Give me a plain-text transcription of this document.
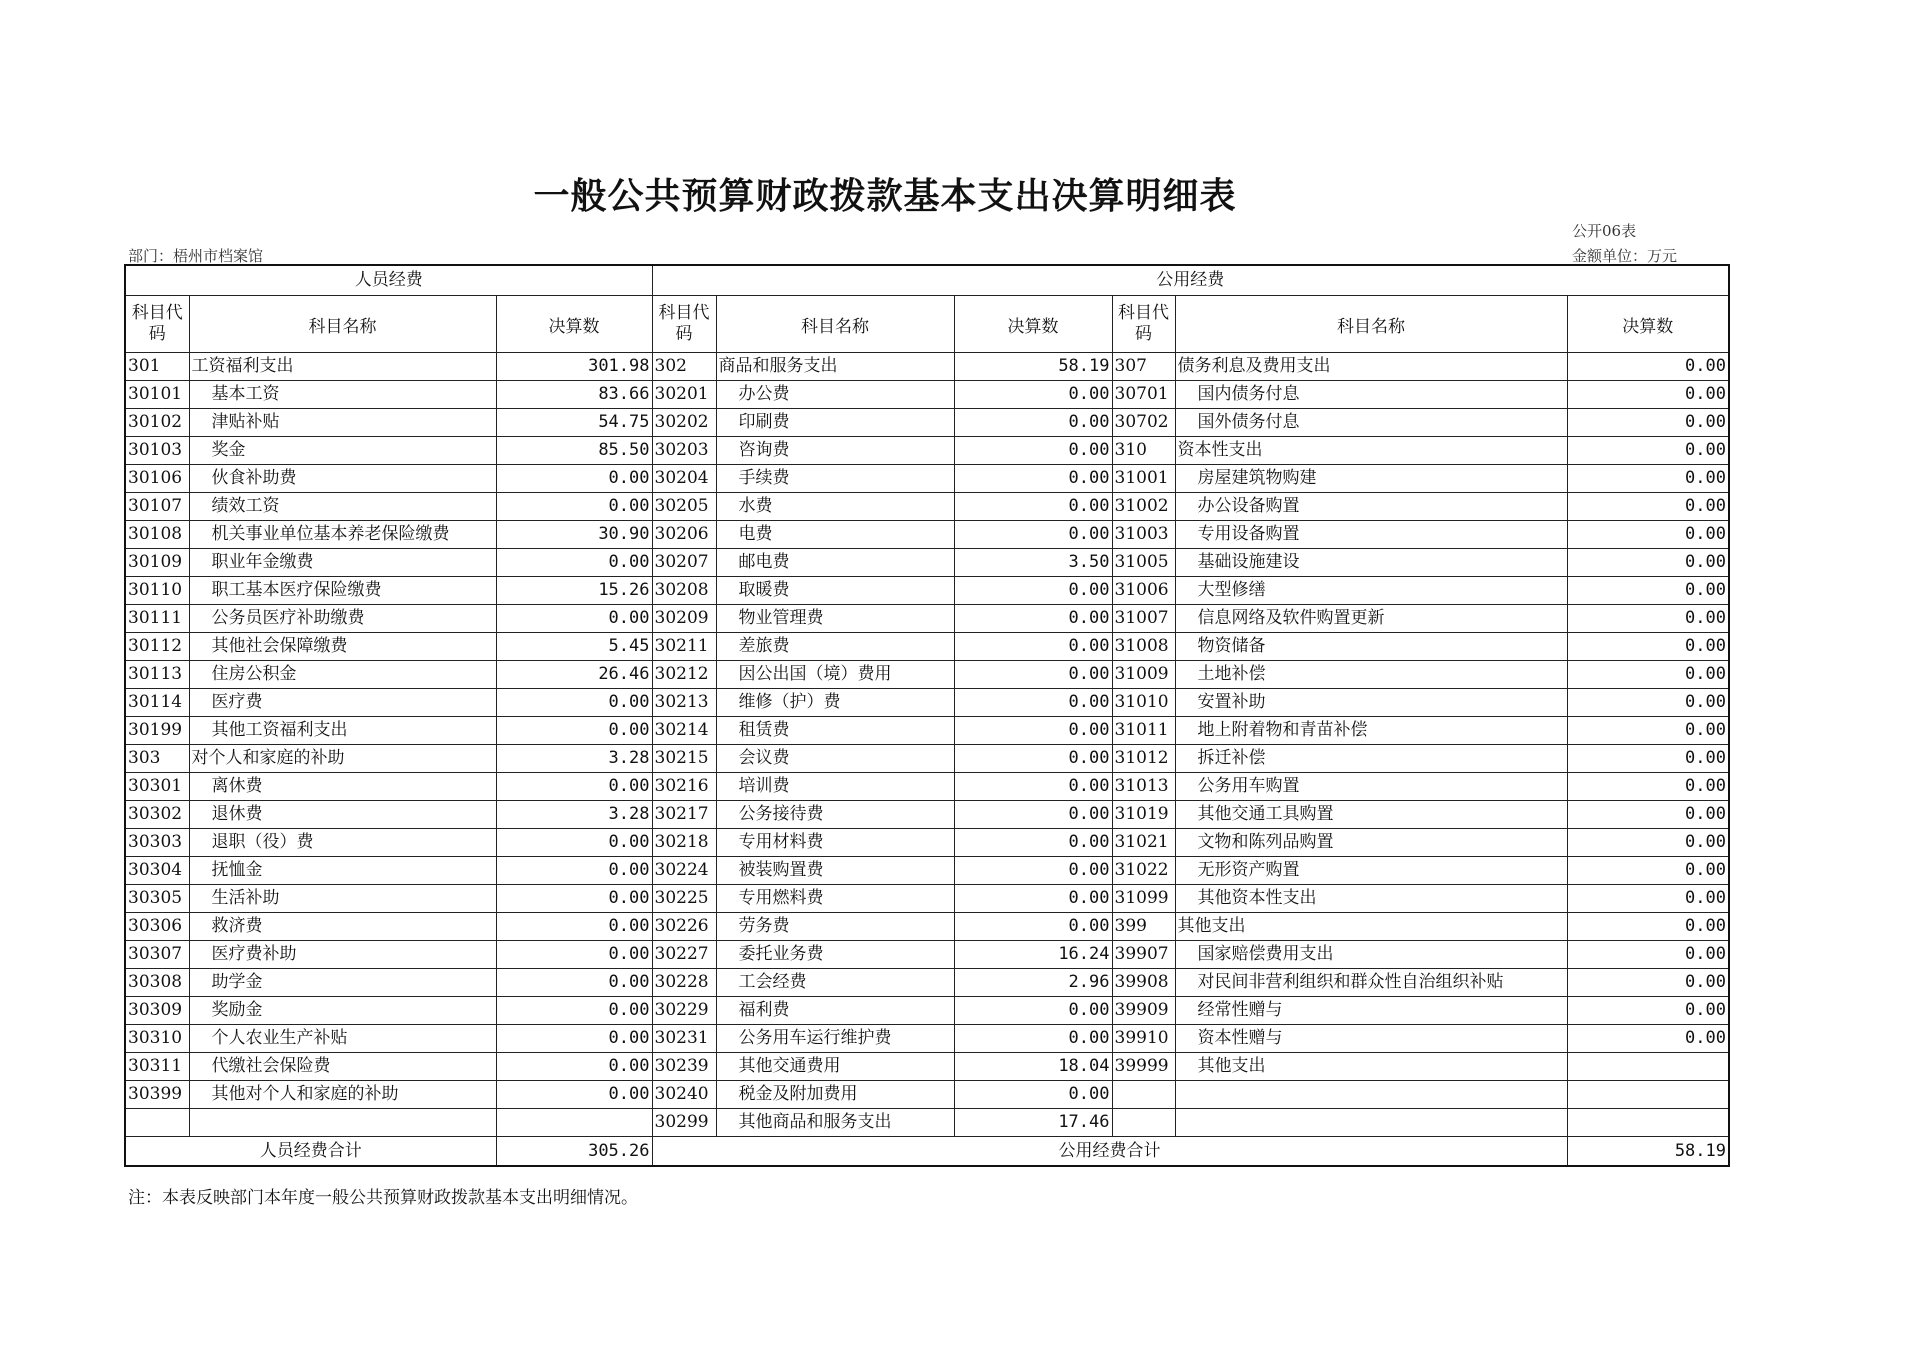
一般公共预算财政拨款基本支出决算明细表
公开06表
部门：梧州市档案馆	金额单位：万元
人员经费			公用经费					
科目代码	科目名称	决算数	科目代码	科目名称	决算数	科目代码	科目名称	决算数
301	工资福利支出	301.98	302	商品和服务支出	58.19	307	债务利息及费用支出	0.00
30101	基本工资	83.66	30201	办公费	0.00	30701	国内债务付息	0.00
30102	津贴补贴	54.75	30202	印刷费	0.00	30702	国外债务付息	0.00
30103	奖金	85.50	30203	咨询费	0.00	310	资本性支出	0.00
30106	伙食补助费	0.00	30204	手续费	0.00	31001	房屋建筑物购建	0.00
30107	绩效工资	0.00	30205	水费	0.00	31002	办公设备购置	0.00
30108	机关事业单位基本养老保险缴费	30.90	30206	电费	0.00	31003	专用设备购置	0.00
30109	职业年金缴费	0.00	30207	邮电费	3.50	31005	基础设施建设	0.00
30110	职工基本医疗保险缴费	15.26	30208	取暖费	0.00	31006	大型修缮	0.00
30111	公务员医疗补助缴费	0.00	30209	物业管理费	0.00	31007	信息网络及软件购置更新	0.00
30112	其他社会保障缴费	5.45	30211	差旅费	0.00	31008	物资储备	0.00
30113	住房公积金	26.46	30212	因公出国（境）费用	0.00	31009	土地补偿	0.00
30114	医疗费	0.00	30213	维修（护）费	0.00	31010	安置补助	0.00
30199	其他工资福利支出	0.00	30214	租赁费	0.00	31011	地上附着物和青苗补偿	0.00
303	对个人和家庭的补助	3.28	30215	会议费	0.00	31012	拆迁补偿	0.00
30301	离休费	0.00	30216	培训费	0.00	31013	公务用车购置	0.00
30302	退休费	3.28	30217	公务接待费	0.00	31019	其他交通工具购置	0.00
30303	退职（役）费	0.00	30218	专用材料费	0.00	31021	文物和陈列品购置	0.00
30304	抚恤金	0.00	30224	被装购置费	0.00	31022	无形资产购置	0.00
30305	生活补助	0.00	30225	专用燃料费	0.00	31099	其他资本性支出	0.00
30306	救济费	0.00	30226	劳务费	0.00	399	其他支出	0.00
30307	医疗费补助	0.00	30227	委托业务费	16.24	39907	国家赔偿费用支出	0.00
30308	助学金	0.00	30228	工会经费	2.96	39908	对民间非营利组织和群众性自治组织补贴	0.00
30309	奖励金	0.00	30229	福利费	0.00	39909	经常性赠与	0.00
30310	个人农业生产补贴	0.00	30231	公务用车运行维护费	0.00	39910	资本性赠与	0.00
30311	代缴社会保险费	0.00	30239	其他交通费用	18.04	39999	其他支出	
30399	其他对个人和家庭的补助	0.00	30240	税金及附加费用	0.00			
			30299	其他商品和服务支出	17.46			
人员经费合计		305.26	公用经费合计					58.19
注：本表反映部门本年度一般公共预算财政拨款基本支出明细情况。
